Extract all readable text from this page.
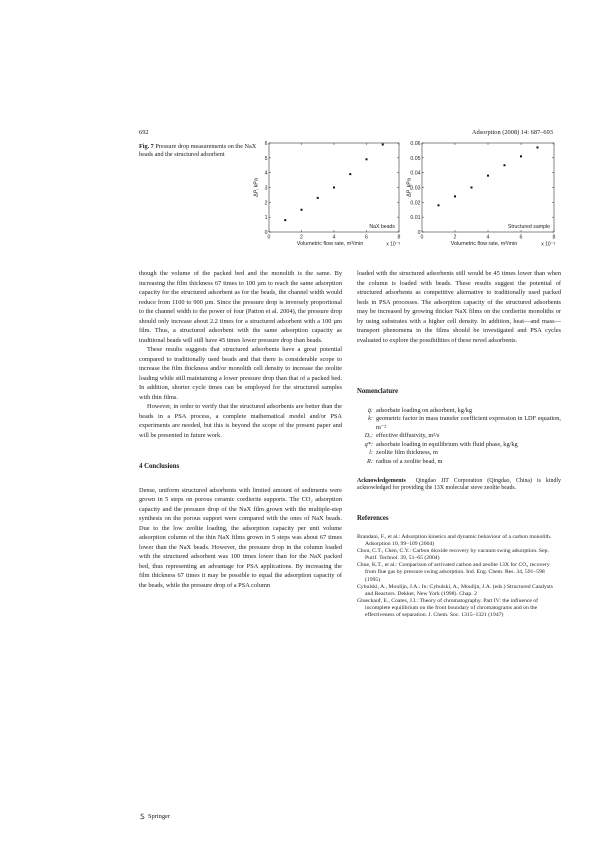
692	Adsorption (2008) 14: 687–693
Fig. 7 Pressure drop measurements on the NaX beads and the structured adsorbent
0
1
2
3
4
5
6
0	2	4	6	8
ΔP, kPa
Volumetric flow rate, m³/min	x 10⁻³
NaX beads
0
0.01
0.02
0.03
0.04
0.05
0.06
0	2	4	6	8
ΔP, kPa
Volumetric flow rate, m³/min	x 10⁻³
Structured sample

though the volume of the packed bed and the monolith is the same. By increasing the film thickness 67 times to 100 µm to reach the same adsorption capacity for the structured adsorbent as for the beads, the channel width would reduce from 1100 to 900 µm. Since the pressure drop is inversely proportional to the channel width to the power of four (Patton et al. 2004), the pressure drop should only increase about 2.2 times for a structured adsorbent with a 100 µm film. Thus, a structured adsorbent with the same adsorption capacity as traditional beads will still have 45 times lower pressure drop than beads.

These results suggests that structured adsorbents have a great potential compared to traditionally used beads and that there is considerable scope to increase the film thickness and/or monolith cell density to increase the zeolite loading while still maintaining a lower pressure drop than that of a packed bed. In addition, shorter cycle times can be employed for the structured samples with thin films.

However, in order to verify that the structured adsorbents are better than the beads in a PSA process, a complete mathematical model and/or PSA experiments are needed, but this is beyond the scope of the present paper and will be presented in future work.

4 Conclusions

Dense, uniform structured adsorbents with limited amount of sediments were grown in 5 steps on porous ceramic cordierite supports. The CO₂ adsorption capacity and the pressure drop of the NaX film grown with the multiple-step synthesis on the porous support were compared with the ones of NaX beads. Due to the low zeolite loading, the adsorption capacity per unit volume adsorption column of the thin NaX films grown in 5 steps was about 67 times lower than the NaX beads. However, the pressure drop in the column loaded with the structured adsorbent was 100 times lower than for the NaX packed bed, thus representing an advantage for PSA applications. By increasing the film thickness 67 times it may be possible to equal the adsorption capacity of the beads, while the pressure drop of a PSA column

loaded with the structured adsorbents still would be 45 times lower than when the column is loaded with beads. These results suggest the potential of structured adsorbents as competitive alternative to traditionally used packed beds in PSA processes. The adsorption capacity of the structured adsorbents may be increased by growing thicker NaX films on the cordierite monoliths or by using substrates with a higher cell density. In addition, heat—and mass—transport phenomena in the films should be investigated and PSA cycles evaluated to explore the possibilities of these novel adsorbents.

Nomenclature

q̄: adsorbate loading on adsorbent, kg/kg
k: geometric factor in mass transfer coefficient expression in LDF equation, m⁻²
Dₑ: effective diffusivity, m²/s
q*: adsorbate loading in equilibrium with fluid phase, kg/kg
l: zeolite film thickness, m
R: radius of a zeolite bead, m

Acknowledgements Qingdao JIT Corporation (Qingdao, China) is kindly acknowledged for providing the 13X molecular sieve zeolite beads.

References

Brandani, F., et al.: Adsorption kinetics and dynamic behaviour of a carbon monolith. Adsorption 10, 99–109 (2004)

Chou, C.T., Chen, C.Y.: Carbon dioxide recovery by vacuum swing adsorption. Sep. Purif. Technol. 39, 51–65 (2004)

Chue, K.T., et al.: Comparison of activated carbon and zeolite 13X for CO₂ recovery from flue gas by pressure swing adsorption. Ind. Eng. Chem. Res. 34, 591–598 (1995)

Cybulski, A., Moulijn, J.A.: In: Cybulski, A., Moulijn, J.A. (eds.) Structured Catalysts and Reactors. Dekker, New York (1998). Chap. 2

Glueckauf, E., Coates, J.I.: Theory of chromatography. Part IV: the influence of incomplete equilibrium on the front boundary of chromatograms and on the effectiveness of separation. J. Chem. Soc. 1315–1321 (1947)

Springer
